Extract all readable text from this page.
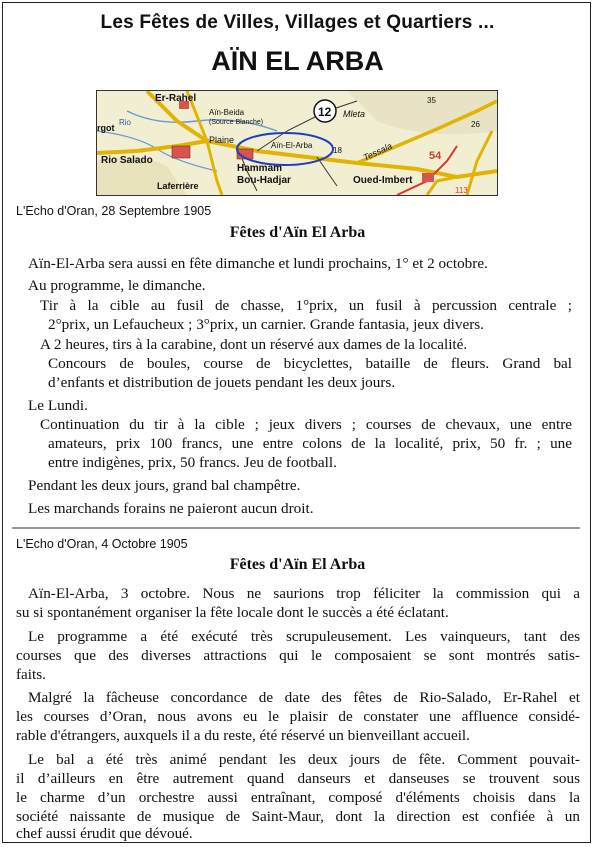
Les Fêtes de Villes, Villages et Quartiers ...
AÏN EL ARBA
Er-Rahel
Aïn-Beida
(Source Blanche)
rgot
Rio
Rio Salado
Plaine
Aïn-El-Arba
Mleta
Tessala
Hammam
Bou-Hadjar
Laferrière	Oued-Imbert
12
54
35
26
18
113
L'Echo d'Oran, 28 Septembre 1905
Fêtes d'Aïn El Arba
Aïn-El-Arba sera aussi en fête dimanche et lundi prochains, 1° et 2 octobre.
Au programme, le dimanche.
Tir à la cible au fusil de chasse, 1°prix, un fusil à percussion centrale ;
2°prix, un Lefaucheux ; 3°prix, un carnier. Grande fantasia, jeux divers.
A 2 heures, tirs à la carabine, dont un réservé aux dames de la localité.
Concours de boules, course de bicyclettes, bataille de fleurs. Grand bal
d’enfants et distribution de jouets pendant les deux jours.
Le Lundi.
Continuation du tir à la cible ; jeux divers ; courses de chevaux, une entre
amateurs, prix 100 francs, une entre colons de la localité, prix, 50 fr. ; une
entre indigènes, prix, 50 francs. Jeu de football.
Pendant les deux jours, grand bal champêtre.
Les marchands forains ne paieront aucun droit.
L'Echo d'Oran, 4 Octobre 1905
Fêtes d'Aïn El Arba
Aïn-El-Arba, 3 octobre. Nous ne saurions trop féliciter la commission qui a
su si spontanément organiser la fête locale dont le succès a été éclatant.
Le programme a été exécuté très scrupuleusement. Les vainqueurs, tant des
courses que des diverses attractions qui le composaient se sont montrés satis-
faits.
Malgré la fâcheuse concordance de date des fêtes de Rio-Salado, Er-Rahel et
les courses d’Oran, nous avons eu le plaisir de constater une affluence considé-
rable d'étrangers, auxquels il a du reste, été réservé un bienveillant accueil.
Le bal a été très animé pendant les deux jours de fête. Comment pouvait-
il d’ailleurs en être autrement quand danseurs et danseuses se trouvent sous
le charme d’un orchestre aussi entraînant, composé d'éléments choisis dans la
société naissante de musique de Saint-Maur, dont la direction est confiée à un
chef aussi érudit que dévoué.
